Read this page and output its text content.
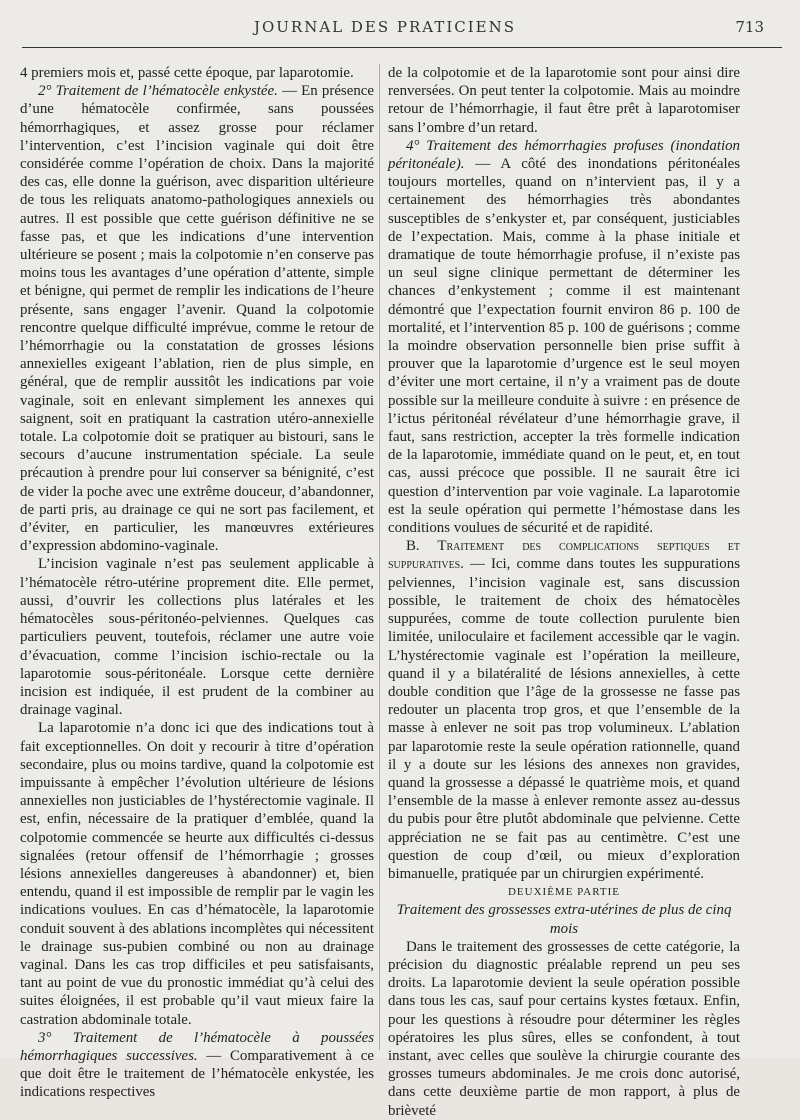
JOURNAL DES PRATICIENS	713

4 premiers mois et, passé cette époque, par laparotomie.

2° Traitement de l’hématocèle enkystée. — En présence d’une hématocèle confirmée, sans poussées hémorrhagiques, et assez grosse pour réclamer l’intervention, c’est l’incision vaginale qui doit être considérée comme l’opération de choix. Dans la majorité des cas, elle donne la guérison, avec disparition ultérieure de tous les reliquats anatomo-pathologiques annexiels ou autres. Il est possible que cette guérison définitive ne se fasse pas, et que les indications d’une intervention ultérieure se posent ; mais la colpotomie n’en conserve pas moins tous les avantages d’une opération d’attente, simple et bénigne, qui permet de remplir les indications de l’heure présente, sans engager l’avenir. Quand la colpotomie rencontre quelque difficulté imprévue, comme le retour de l’hémorrhagie ou la constatation de grosses lésions annexielles exigeant l’ablation, rien de plus simple, en général, que de remplir aussitôt les indications par voie vaginale, soit en enlevant simplement les annexes qui saignent, soit en pratiquant la castration utéro-annexielle totale. La colpotomie doit se pratiquer au bistouri, sans le secours d’aucune instrumentation spéciale. La seule précaution à prendre pour lui conserver sa bénignité, c’est de vider la poche avec une extrême douceur, d’abandonner, de parti pris, au drainage ce qui ne sort pas facilement, et d’éviter, en particulier, les manœuvres extérieures d’expression abdomino-vaginale.

L’incision vaginale n’est pas seulement applicable à l’hématocèle rétro-utérine proprement dite. Elle permet, aussi, d’ouvrir les collections plus latérales et les hématocèles sous-péritonéo-pelviennes. Quelques cas particuliers peuvent, toutefois, réclamer une autre voie d’évacuation, comme l’incision ischio-rectale ou la laparotomie sous-péritonéale. Lorsque cette dernière incision est indiquée, il est prudent de la combiner au drainage vaginal.

La laparotomie n’a donc ici que des indications tout à fait exceptionnelles. On doit y recourir à titre d’opération secondaire, plus ou moins tardive, quand la colpotomie est impuissante à empêcher l’évolution ultérieure de lésions annexielles non justiciables de l’hystérectomie vaginale. Il est, enfin, nécessaire de la pratiquer d’emblée, quand la colpotomie commencée se heurte aux difficultés ci-dessus signalées (retour offensif de l’hémorrhagie ; grosses lésions annexielles dangereuses à abandonner) et, bien entendu, quand il est impossible de remplir par le vagin les indications voulues. En cas d’hématocèle, la laparotomie conduit souvent à des ablations incomplètes qui nécessitent le drainage sus-pubien combiné ou non au drainage vaginal. Dans les cas trop difficiles et peu satisfaisants, tant au point de vue du pronostic immédiat qu’à celui des suites éloignées, il est probable qu’il vaut mieux faire la castration abdominale totale.

3° Traitement de l’hématocèle à poussées hémorrhagiques successives. — Comparativement à ce que doit être le traitement de l’hématocèle enkystée, les indications respectives

de la colpotomie et de la laparotomie sont pour ainsi dire renversées. On peut tenter la colpotomie. Mais au moindre retour de l’hémorrhagie, il faut être prêt à laparotomiser sans l’ombre d’un retard.

4° Traitement des hémorrhagies profuses (inondation péritonéale). — A côté des inondations péritonéales toujours mortelles, quand on n’intervient pas, il y a certainement des hémorrhagies très abondantes susceptibles de s’enkyster et, par conséquent, justiciables de l’expectation. Mais, comme à la phase initiale et dramatique de toute hémorrhagie profuse, il n’existe pas un seul signe clinique permettant de déterminer les chances d’enkystement ; comme il est maintenant démontré que l’expectation fournit environ 86 p. 100 de mortalité, et l’intervention 85 p. 100 de guérisons ; comme la moindre observation personnelle bien prise suffit à prouver que la laparotomie d’urgence est le seul moyen d’éviter une mort certaine, il n’y a vraiment pas de doute possible sur la meilleure conduite à suivre : en présence de l’ictus péritonéal révélateur d’une hémorrhagie grave, il faut, sans restriction, accepter la très formelle indication de la laparotomie, immédiate quand on le peut, et, en tout cas, aussi précoce que possible. Il ne saurait être ici question d’intervention par voie vaginale. La laparotomie est la seule opération qui permette l’hémostase dans les conditions voulues de sécurité et de rapidité.

B. Traitement des complications septiques et suppuratives. — Ici, comme dans toutes les suppurations pelviennes, l’incision vaginale est, sans discussion possible, le traitement de choix des hématocèles suppurées, comme de toute collection purulente bien limitée, uniloculaire et facilement accessible qar le vagin. L’hystérectomie vaginale est l’opération la meilleure, quand il y a bilatéralité de lésions annexielles, à cette double condition que l’âge de la grossesse ne fasse pas redouter un placenta trop gros, et que l’ensemble de la masse à enlever ne soit pas trop volumineux. L’ablation par laparotomie reste la seule opération rationnelle, quand il y a doute sur les lésions des annexes non gravides, quand la grossesse a dépassé le quatrième mois, et quand l’ensemble de la masse à enlever remonte assez au-dessus du pubis pour être plutôt abdominale que pelvienne. Cette appréciation ne se fait pas au centimètre. C’est une question de coup d’œil, ou mieux d’exploration bimanuelle, pratiquée par un chirurgien expérimenté.

DEUXIÈME PARTIE

Traitement des grossesses extra-utérines de plus de cinq mois

Dans le traitement des grossesses de cette catégorie, la précision du diagnostic préalable reprend un peu ses droits. La laparotomie devient la seule opération possible dans tous les cas, sauf pour certains kystes fœtaux. Enfin, pour les questions à résoudre pour déterminer les règles opératoires les plus sûres, elles se confondent, à tout instant, avec celles que soulève la chirurgie courante des grosses tumeurs abdominales. Je me crois donc autorisé, dans cette deuxième partie de mon rapport, à plus de brièveté
